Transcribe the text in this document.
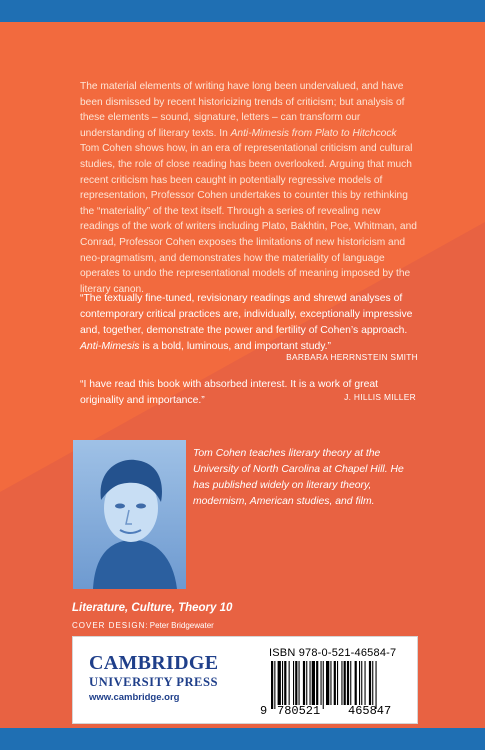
The material elements of writing have long been undervalued, and have been dismissed by recent historicizing trends of criticism; but analysis of these elements – sound, signature, letters – can transform our understanding of literary texts. In Anti-Mimesis from Plato to Hitchcock Tom Cohen shows how, in an era of representational criticism and cultural studies, the role of close reading has been overlooked. Arguing that much recent criticism has been caught in potentially regressive models of representation, Professor Cohen undertakes to counter this by rethinking the “materiality” of the text itself. Through a series of revealing new readings of the work of writers including Plato, Bakhtin, Poe, Whitman, and Conrad, Professor Cohen exposes the limitations of new historicism and neo-pragmatism, and demonstrates how the materiality of language operates to undo the representational models of meaning imposed by the literary canon.

“The textually fine-tuned, revisionary readings and shrewd analyses of contemporary critical practices are, individually, exceptionally impressive and, together, demonstrate the power and fertility of Cohen’s approach. Anti-Mimesis is a bold, luminous, and important study.”

BARBARA HERRNSTEIN SMITH

“I have read this book with absorbed interest. It is a work of great originality and importance.”	J. HILLIS MILLER

Tom Cohen teaches literary theory at the University of North Carolina at Chapel Hill. He has published widely on literary theory, modernism, American studies, and film.

Literature, Culture, Theory 10
COVER DESIGN: Peter Bridgewater
CAMBRIDGE
UNIVERSITY PRESS
www.cambridge.org
ISBN 978-0-521-46584-7
9 780521 465847
